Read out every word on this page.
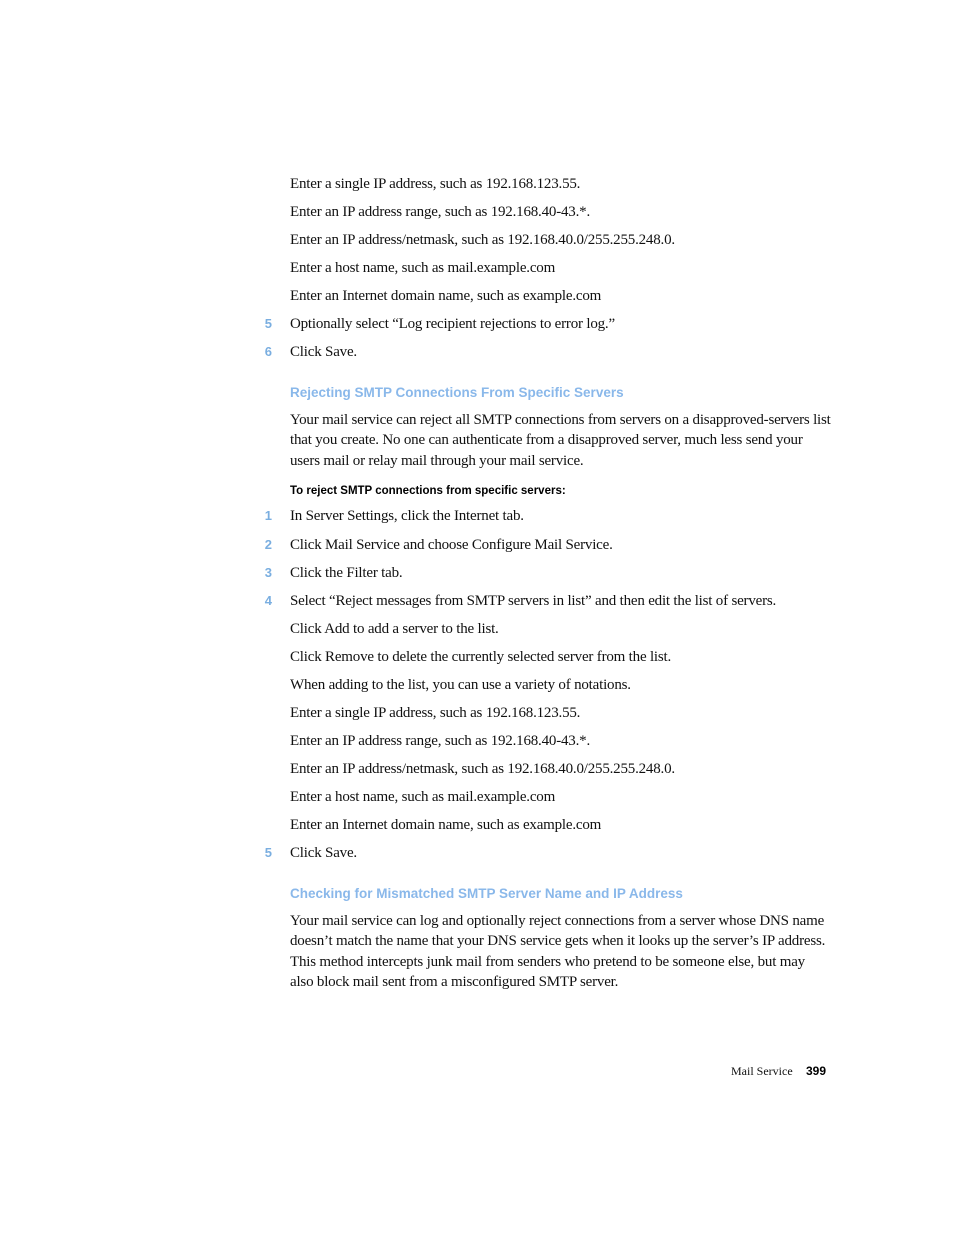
Enter a single IP address, such as 192.168.123.55.
Enter an IP address range, such as 192.168.40-43.*.
Enter an IP address/netmask, such as 192.168.40.0/255.255.248.0.
Enter a host name, such as mail.example.com
Enter an Internet domain name, such as example.com
5 Optionally select “Log recipient rejections to error log.”
6 Click Save.
Rejecting SMTP Connections From Specific Servers
Your mail service can reject all SMTP connections from servers on a disapproved-servers list
that you create. No one can authenticate from a disapproved server, much less send your
users mail or relay mail through your mail service.
To reject SMTP connections from specific servers:
1 In Server Settings, click the Internet tab.
2 Click Mail Service and choose Configure Mail Service.
3 Click the Filter tab.
4 Select “Reject messages from SMTP servers in list” and then edit the list of servers.
Click Add to add a server to the list.
Click Remove to delete the currently selected server from the list.
When adding to the list, you can use a variety of notations.
Enter a single IP address, such as 192.168.123.55.
Enter an IP address range, such as 192.168.40-43.*.
Enter an IP address/netmask, such as 192.168.40.0/255.255.248.0.
Enter a host name, such as mail.example.com
Enter an Internet domain name, such as example.com
5 Click Save.
Checking for Mismatched SMTP Server Name and IP Address
Your mail service can log and optionally reject connections from a server whose DNS name
doesn’t match the name that your DNS service gets when it looks up the server’s IP address.
This method intercepts junk mail from senders who pretend to be someone else, but may
also block mail sent from a misconfigured SMTP server.
Mail Service 399
